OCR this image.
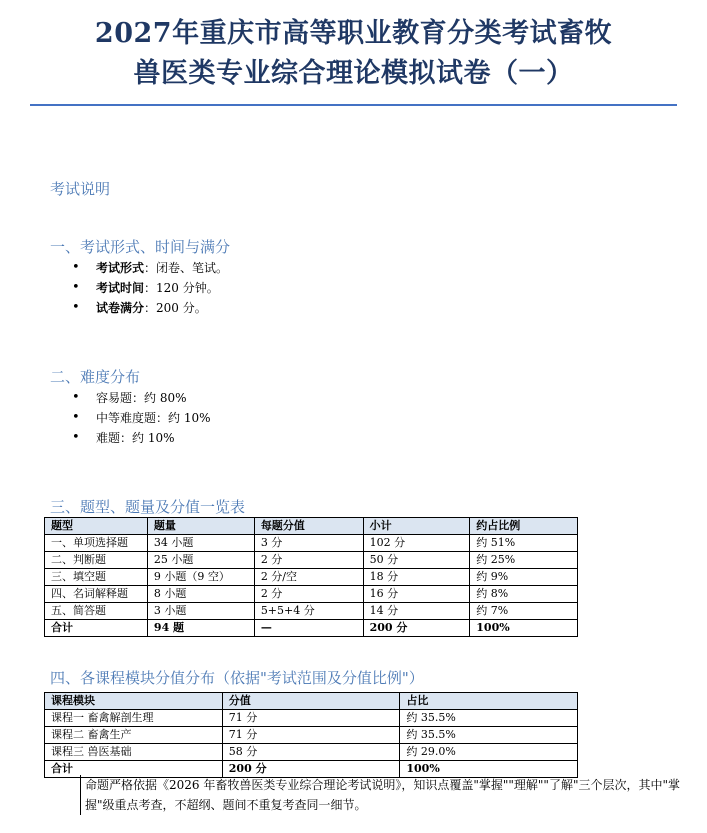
2027年重庆市高等职业教育分类考试畜牧
兽医类专业综合理论模拟试卷（一）
考试说明
一、考试形式、时间与满分
• 考试形式：闭卷、笔试。
• 考试时间：120 分钟。
• 试卷满分：200 分。
二、难度分布
• 容易题：约 80%
• 中等难度题：约 10%
• 难题：约 10%
三、题型、题量及分值一览表
题型	题量	每题分值	小计	约占比例
一、单项选择题	34 小题	3 分	102 分	约 51%
二、判断题	25 小题	2 分	50 分	约 25%
三、填空题	9 小题（9 空）	2 分/空	18 分	约 9%
四、名词解释题	8 小题	2 分	16 分	约 8%
五、简答题	3 小题	5+5+4 分	14 分	约 7%
合计	94 题	—	200 分	100%
四、各课程模块分值分布（依据"考试范围及分值比例"）
课程模块	分值	占比
课程一 畜禽解剖生理	71 分	约 35.5%
课程二 畜禽生产	71 分	约 35.5%
课程三 兽医基础	58 分	约 29.0%
合计	200 分	100%
命题严格依据《2026 年畜牧兽医类专业综合理论考试说明》，知识点覆盖"掌握""理解""了解"三个层次，其中"掌握"级重点考查，不超纲、题间不重复考查同一细节。
